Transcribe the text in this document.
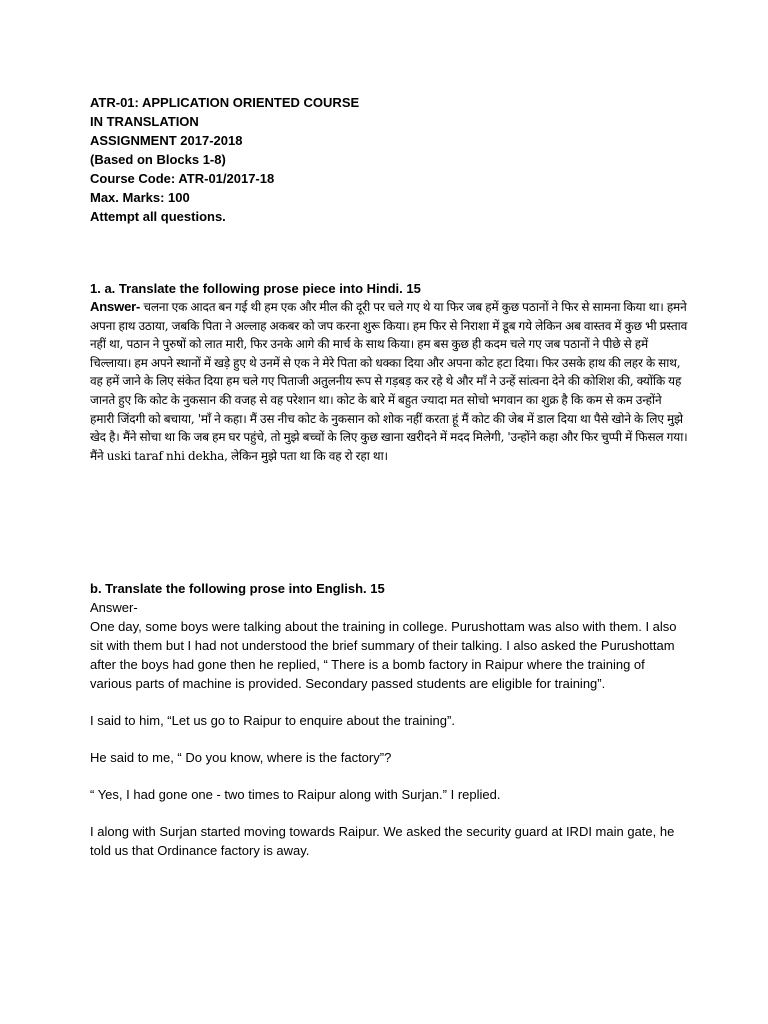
ATR-01: APPLICATION ORIENTED COURSE
IN TRANSLATION
ASSIGNMENT 2017-2018
(Based on Blocks 1-8)
Course Code: ATR-01/2017-18
Max. Marks: 100
Attempt all questions.
1. a. Translate the following prose piece into Hindi. 15
Answer- चलना एक आदत बन गई थी हम एक और मील की दूरी पर चले गए थे या फिर जब हमें कुछ पठानों ने फिर से सामना किया था। हमने अपना हाथ उठाया, जबकि पिता ने अल्लाह अकबर को जप करना शुरू किया। हम फिर से निराशा में डूब गये लेकिन अब वास्तव में कुछ भी प्रस्ताव नहीं था, पठान ने पुरुषों को लात मारी, फिर उनके आगे की मार्च के साथ किया। हम बस कुछ ही कदम चले गए जब पठानों ने पीछे से हमें चिल्लाया। हम अपने स्थानों में खड़े हुए थे उनमें से एक ने मेरे पिता को धक्का दिया और अपना कोट हटा दिया। फिर उसके हाथ की लहर के साथ, वह हमें जाने के लिए संकेत दिया हम चले गए पिताजी अतुलनीय रूप से गड़बड़ कर रहे थे और माँ ने उन्हें सांत्वना देने की कोशिश की, क्योंकि यह जानते हुए कि कोट के नुकसान की वजह से वह परेशान था। कोट के बारे में बहुत ज्यादा मत सोचो भगवान का शुक्र है कि कम से कम उन्होंने हमारी जिंदगी को बचाया, 'माँ ने कहा। मैं उस नीच कोट के नुकसान को शोक नहीं करता हूं मैं कोट की जेब में डाल दिया था पैसे खोने के लिए मुझे खेद है। मैंने सोचा था कि जब हम घर पहुंचे, तो मुझे बच्चों के लिए कुछ खाना खरीदने में मदद मिलेगी, 'उन्होंने कहा और फिर चुप्पी में फिसल गया। मैंने uski taraf nhi dekha, लेकिन मुझे पता था कि वह रो रहा था।
b. Translate the following prose into English. 15
Answer-

One day, some boys were talking about the training in college. Purushottam was also with them. I also sit with them but I had not understood the brief summary of their talking. I also asked the Purushottam after the boys had gone then he replied, “ There is a bomb factory in Raipur where the training of various parts of machine is provided. Secondary passed students are eligible for training”.

I said to him, “Let us go to Raipur to enquire about the training”.

He said to me, “ Do you know, where is the factory”?

“ Yes, I had gone one - two times to Raipur along with Surjan.” I replied.

I along with Surjan started moving towards Raipur. We asked the security guard at IRDI main gate, he told us that Ordinance factory is away.
